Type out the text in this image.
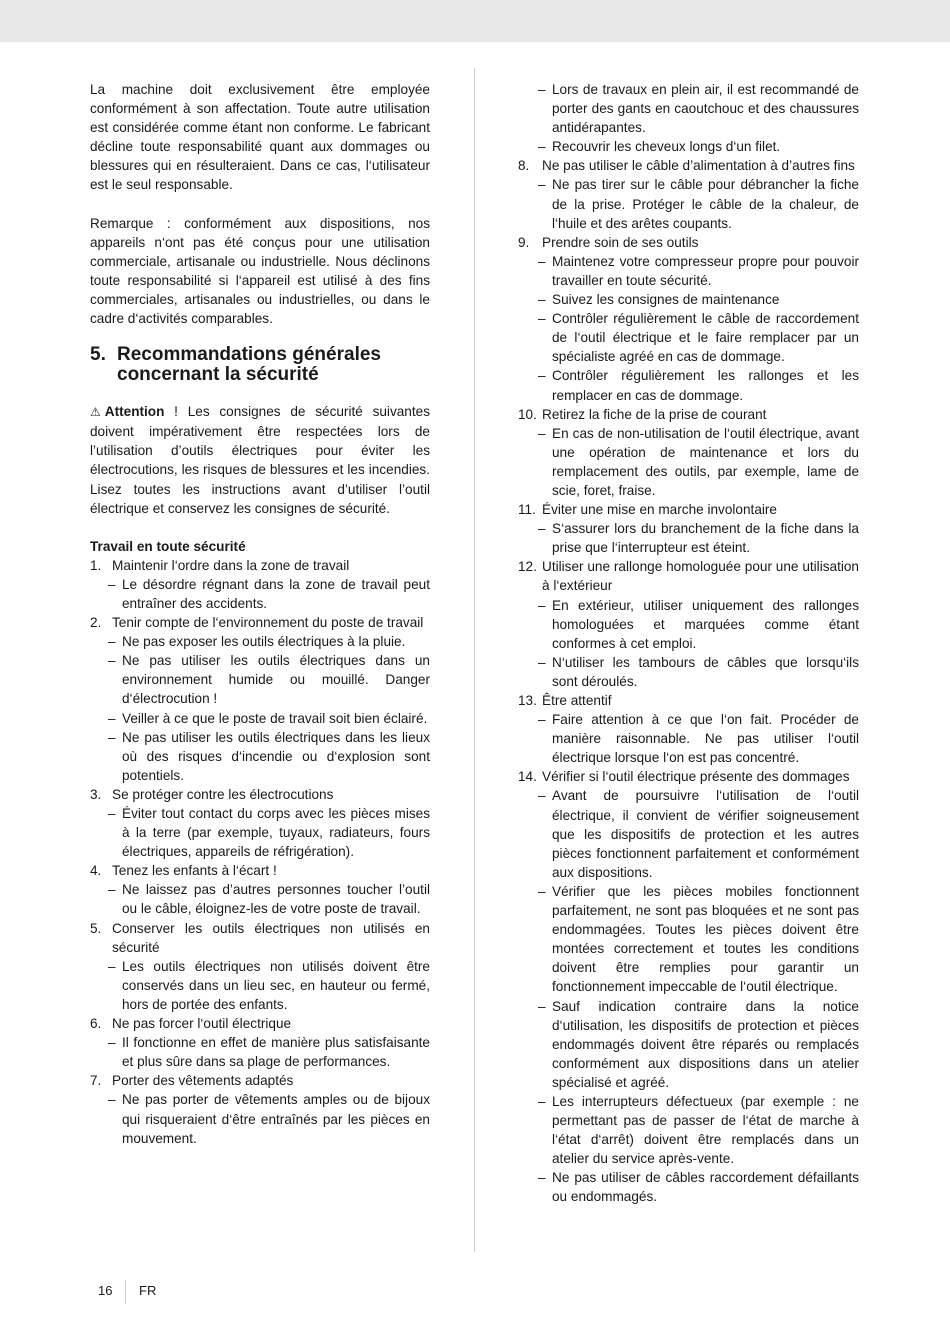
La machine doit exclusivement être employée conformément à son affectation. Toute autre utilisation est considérée comme étant non conforme. Le fabricant décline toute responsabilité quant aux dommages ou blessures qui en résulteraient. Dans ce cas, l‘utilisateur est le seul responsable.

Remarque : conformément aux dispositions, nos appareils n‘ont pas été conçus pour une utilisation commerciale, artisanale ou industrielle. Nous déclinons toute responsabilité si l‘appareil est utilisé à des fins commerciales, artisanales ou industrielles, ou dans le cadre d‘activités comparables.

5. Recommandations générales concernant la sécurité

⚠ Attention ! Les consignes de sécurité suivantes doivent impérativement être respectées lors de l’utilisation d’outils électriques pour éviter les électrocutions, les risques de blessures et les incendies. Lisez toutes les instructions avant d’utiliser l’outil électrique et conservez les consignes de sécurité.

Travail en toute sécurité
1. Maintenir l‘ordre dans la zone de travail
– Le désordre régnant dans la zone de travail peut entraîner des accidents.
2. Tenir compte de l‘environnement du poste de travail
– Ne pas exposer les outils électriques à la pluie.
– Ne pas utiliser les outils électriques dans un environnement humide ou mouillé. Danger d‘électrocution !
– Veiller à ce que le poste de travail soit bien éclairé.
– Ne pas utiliser les outils électriques dans les lieux où des risques d‘incendie ou d‘explosion sont potentiels.
3. Se protéger contre les électrocutions
– Éviter tout contact du corps avec les pièces mises à la terre (par exemple, tuyaux, radiateurs, fours électriques, appareils de réfrigération).
4. Tenez les enfants à l‘écart !
– Ne laissez pas d’autres personnes toucher l’outil ou le câble, éloignez-les de votre poste de travail.
5. Conserver les outils électriques non utilisés en sécurité
– Les outils électriques non utilisés doivent être conservés dans un lieu sec, en hauteur ou fermé, hors de portée des enfants.
6. Ne pas forcer l‘outil électrique
– Il fonctionne en effet de manière plus satisfaisante et plus sûre dans sa plage de performances.
7. Porter des vêtements adaptés
– Ne pas porter de vêtements amples ou de bijoux qui risqueraient d‘être entraînés par les pièces en mouvement.
– Lors de travaux en plein air, il est recommandé de porter des gants en caoutchouc et des chaussures antidérapantes.
– Recouvrir les cheveux longs d‘un filet.
8. Ne pas utiliser le câble d’alimentation à d’autres fins
– Ne pas tirer sur le câble pour débrancher la fiche de la prise. Protéger le câble de la chaleur, de l‘huile et des arêtes coupants.
9. Prendre soin de ses outils
– Maintenez votre compresseur propre pour pouvoir travailler en toute sécurité.
– Suivez les consignes de maintenance
– Contrôler régulièrement le câble de raccordement de l‘outil électrique et le faire remplacer par un spécialiste agréé en cas de dommage.
– Contrôler régulièrement les rallonges et les remplacer en cas de dommage.
10. Retirez la fiche de la prise de courant
– En cas de non-utilisation de l‘outil électrique, avant une opération de maintenance et lors du remplacement des outils, par exemple, lame de scie, foret, fraise.
11. Éviter une mise en marche involontaire
– S‘assurer lors du branchement de la fiche dans la prise que l‘interrupteur est éteint.
12. Utiliser une rallonge homologuée pour une utilisation à l‘extérieur
– En extérieur, utiliser uniquement des rallonges homologuées et marquées comme étant conformes à cet emploi.
– N‘utiliser les tambours de câbles que lorsqu‘ils sont déroulés.
13. Être attentif
– Faire attention à ce que l‘on fait. Procéder de manière raisonnable. Ne pas utiliser l‘outil électrique lorsque l‘on est pas concentré.
14. Vérifier si l‘outil électrique présente des dommages
– Avant de poursuivre l‘utilisation de l‘outil électrique, il convient de vérifier soigneusement que les dispositifs de protection et les autres pièces fonctionnent parfaitement et conformément aux dispositions.
– Vérifier que les pièces mobiles fonctionnent parfaitement, ne sont pas bloquées et ne sont pas endommagées. Toutes les pièces doivent être montées correctement et toutes les conditions doivent être remplies pour garantir un fonctionnement impeccable de l‘outil électrique.
– Sauf indication contraire dans la notice d‘utilisation, les dispositifs de protection et pièces endommagés doivent être réparés ou remplacés conformément aux dispositions dans un atelier spécialisé et agréé.
– Les interrupteurs défectueux (par exemple : ne permettant pas de passer de l‘état de marche à l‘état d‘arrêt) doivent être remplacés dans un atelier du service après-vente.
– Ne pas utiliser de câbles raccordement défaillants ou endommagés.
16 FR
